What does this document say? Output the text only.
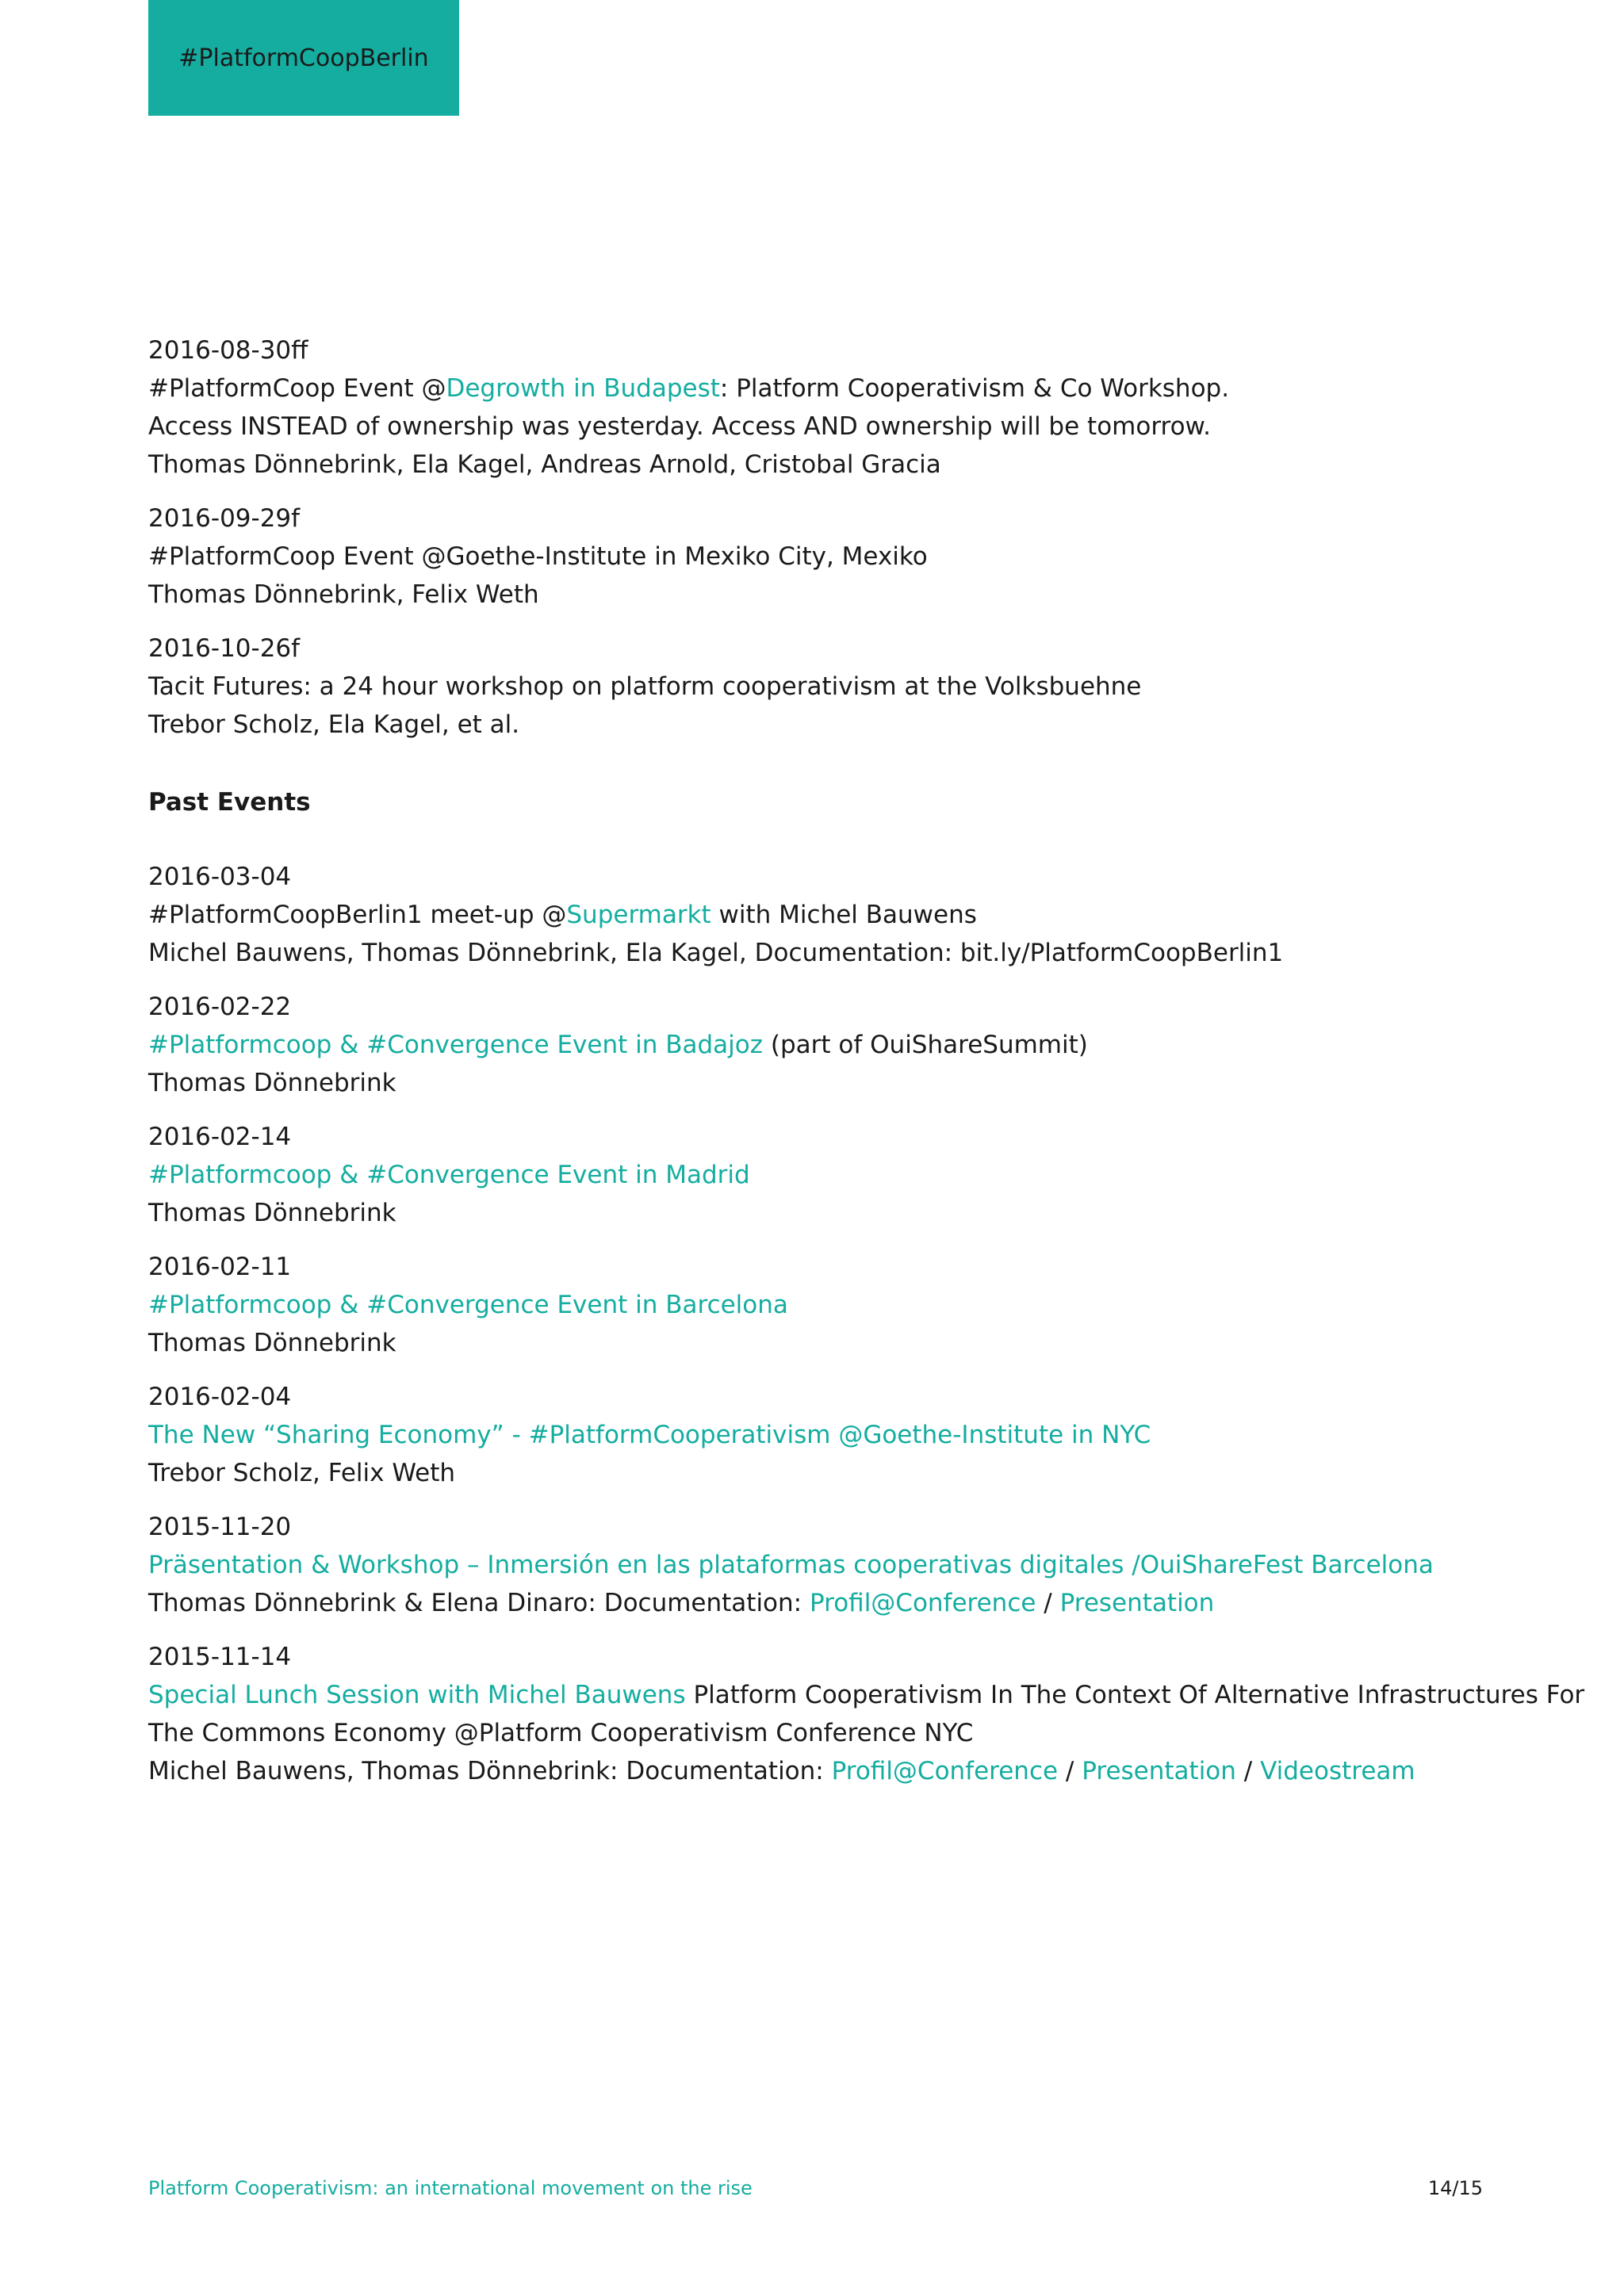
#PlatformCoopBerlin
2016-08-30ff
#PlatformCoop Event @Degrowth in Budapest: Platform Cooperativism & Co Workshop.
Access INSTEAD of ownership was yesterday. Access AND ownership will be tomorrow.
Thomas Dönnebrink, Ela Kagel, Andreas Arnold, Cristobal Gracia
2016-09-29f
#PlatformCoop Event @Goethe-Institute in Mexiko City, Mexiko
Thomas Dönnebrink, Felix Weth
2016-10-26f
Tacit Futures: a 24 hour workshop on platform cooperativism at the Volksbuehne
Trebor Scholz, Ela Kagel, et al.
Past Events
2016-03-04
#PlatformCoopBerlin1 meet-up @Supermarkt with Michel Bauwens
Michel Bauwens, Thomas Dönnebrink, Ela Kagel, Documentation: bit.ly/PlatformCoopBerlin1
2016-02-22
#Platformcoop & #Convergence Event in Badajoz (part of OuiShareSummit)
Thomas Dönnebrink
2016-02-14
#Platformcoop & #Convergence Event in Madrid
Thomas Dönnebrink
2016-02-11
#Platformcoop & #Convergence Event in Barcelona
Thomas Dönnebrink
2016-02-04
The New “Sharing Economy” - #PlatformCooperativism @Goethe-Institute in NYC
Trebor Scholz, Felix Weth
2015-11-20
Präsentation & Workshop – Inmersión en las plataformas cooperativas digitales /OuiShareFest Barcelona
Thomas Dönnebrink & Elena Dinaro: Documentation: Profil@Conference / Presentation
2015-11-14
Special Lunch Session with Michel Bauwens Platform Cooperativism In The Context Of Alternative Infrastructures For
The Commons Economy @Platform Cooperativism Conference NYC
Michel Bauwens, Thomas Dönnebrink: Documentation: Profil@Conference / Presentation / Videostream
Platform Cooperativism: an international movement on the rise	14/15
